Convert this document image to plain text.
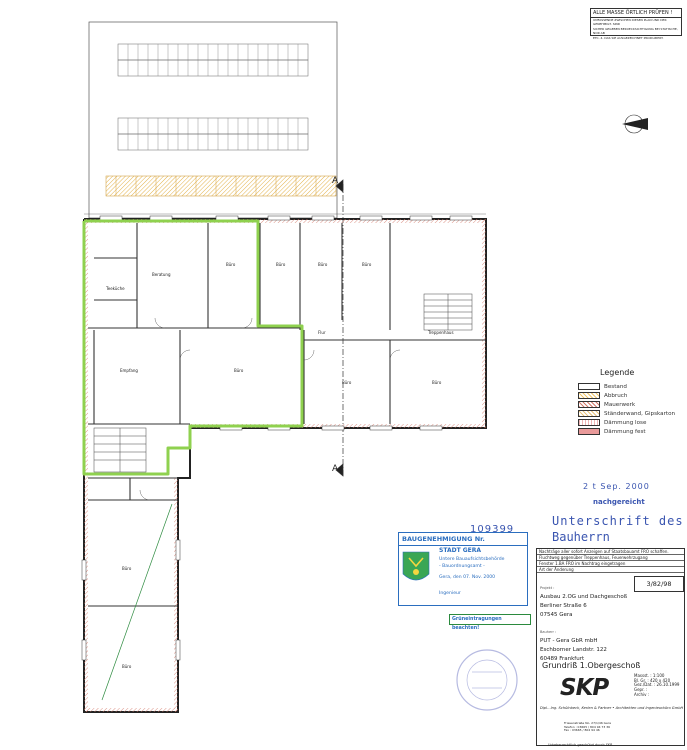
ALLE MASSE ÖRTLICH PRÜFEN !
UMFASSENDE ZWISCHEN DIESEN PLAN UND DER GENEHMIGT. SIND
SICHER GEGEBEN BERUECKSICHTIGUNG BEI STATISCHE, NOR AB
ETC. 4. DAS SIE AUSGEZEICHNET PRODUZIERT.
A
A
Beratung
Büro	Büro	Büro
Empfang	Büro
Büro	Büro
Büro
Teeküche
Treppenhaus
Flur
Büro
Büro
Legende
Bestand
Abbruch
Mauerwerk
Ständerwand, Gipskarton
Dämmung lose
Dämmung fest
2 t Sep. 2000
nachgereicht
Unterschrift des
Bauherrn
109399
BAUGENEHMIGUNG Nr.
STADT GERA
Untere Bauaufsichtsbehörde
- Bauordnungsamt -
Gera, den 07. Nov. 2000
Ingenieur
Grüneintragungen beachten!
Nachträge aller sofort Anzeigen auf Staatsbauamt FRO schaffen.
Fluchtweg gegenüber Treppenhaus, Feuerwehrzugang
Fenster 1.BA FRO im Nachtrag eingetragen
Art der Änderung
3/82/98
Projekt :
Ausbau 2.OG und Dachgeschoß
Berliner Straße 6
07545 Gera
Bauherr :
PUT - Gera GbR mbH
Eschborner Landstr. 122
60489 Frankfurt
Grundriß 1.Obergeschoß
Massst. : 1:100
Bl. Gr. : 420 x 420
Gez./Dat. : 26.10.1999
Gepr. :
Archiv :
SKP
Dipl.- Ing. Schülnbeck, Kerlen & Partner • Architekten und Ingenieurbüro GmbH
Friesenstraße No. 27/1/46 Gera
Telefon : 03665 / 804 94 73 36
Fax : 03665 / 804 94 46
Urheberrechtlich geschützt durch SKP
